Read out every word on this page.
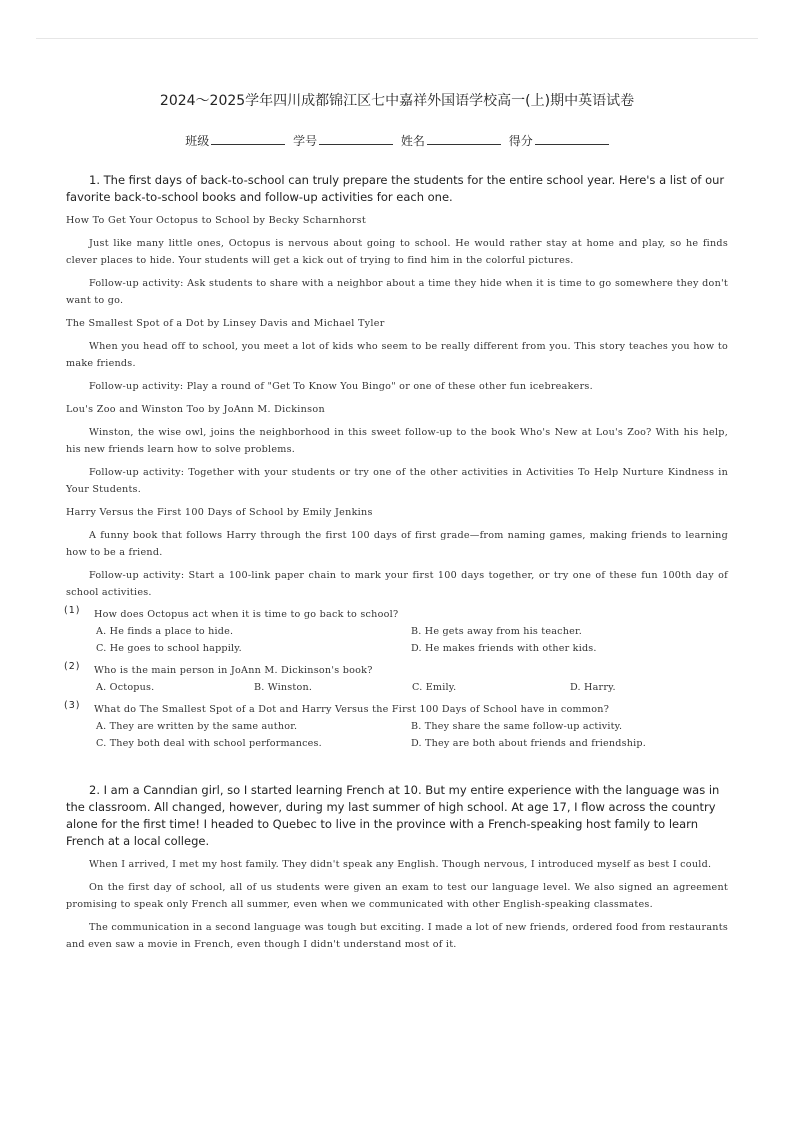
2024～2025学年四川成都锦江区七中嘉祥外国语学校高一(上)期中英语试卷
班级	学号	姓名	得分

1. The first days of back-to-school can truly prepare the students for the entire school year. Here's a list of our favorite back-to-school books and follow-up activities for each one.

How To Get Your Octopus to School by Becky Scharnhorst

Just like many little ones, Octopus is nervous about going to school. He would rather stay at home and play, so he finds clever places to hide. Your students will get a kick out of trying to find him in the colorful pictures.

Follow-up activity: Ask students to share with a neighbor about a time they hide when it is time to go somewhere they don't want to go.

The Smallest Spot of a Dot by Linsey Davis and Michael Tyler

When you head off to school, you meet a lot of kids who seem to be really different from you. This story teaches you how to make friends.

Follow-up activity: Play a round of "Get To Know You Bingo" or one of these other fun icebreakers.

Lou's Zoo and Winston Too by JoAnn M. Dickinson

Winston, the wise owl, joins the neighborhood in this sweet follow-up to the book Who's New at Lou's Zoo? With his help, his new friends learn how to solve problems.

Follow-up activity: Together with your students or try one of the other activities in Activities To Help Nurture Kindness in Your Students.

Harry Versus the First 100 Days of School by Emily Jenkins

A funny book that follows Harry through the first 100 days of first grade—from naming games, making friends to learning how to be a friend.

Follow-up activity: Start a 100-link paper chain to mark your first 100 days together, or try one of these fun 100th day of school activities.

(1)	How does Octopus act when it is time to go back to school?
A. He finds a place to hide.	B. He gets away from his teacher.
C. He goes to school happily.	D. He makes friends with other kids.
(2)	Who is the main person in JoAnn M. Dickinson's book?
A. Octopus.	B. Winston.	C. Emily.	D. Harry.
(3)	What do The Smallest Spot of a Dot and Harry Versus the First 100 Days of School have in common?
A. They are written by the same author.	B. They share the same follow-up activity.
C. They both deal with school performances.	D. They are both about friends and friendship.

2. I am a Canndian girl, so I started learning French at 10. But my entire experience with the language was in the classroom. All changed, however, during my last summer of high school. At age 17, I flow across the country alone for the first time! I headed to Quebec to live in the province with a French-speaking host family to learn French at a local college.

When I arrived, I met my host family. They didn't speak any English. Though nervous, I introduced myself as best I could.

On the first day of school, all of us students were given an exam to test our language level. We also signed an agreement promising to speak only French all summer, even when we communicated with other English-speaking classmates.

The communication in a second language was tough but exciting. I made a lot of new friends, ordered food from restaurants and even saw a movie in French, even though I didn't understand most of it.
